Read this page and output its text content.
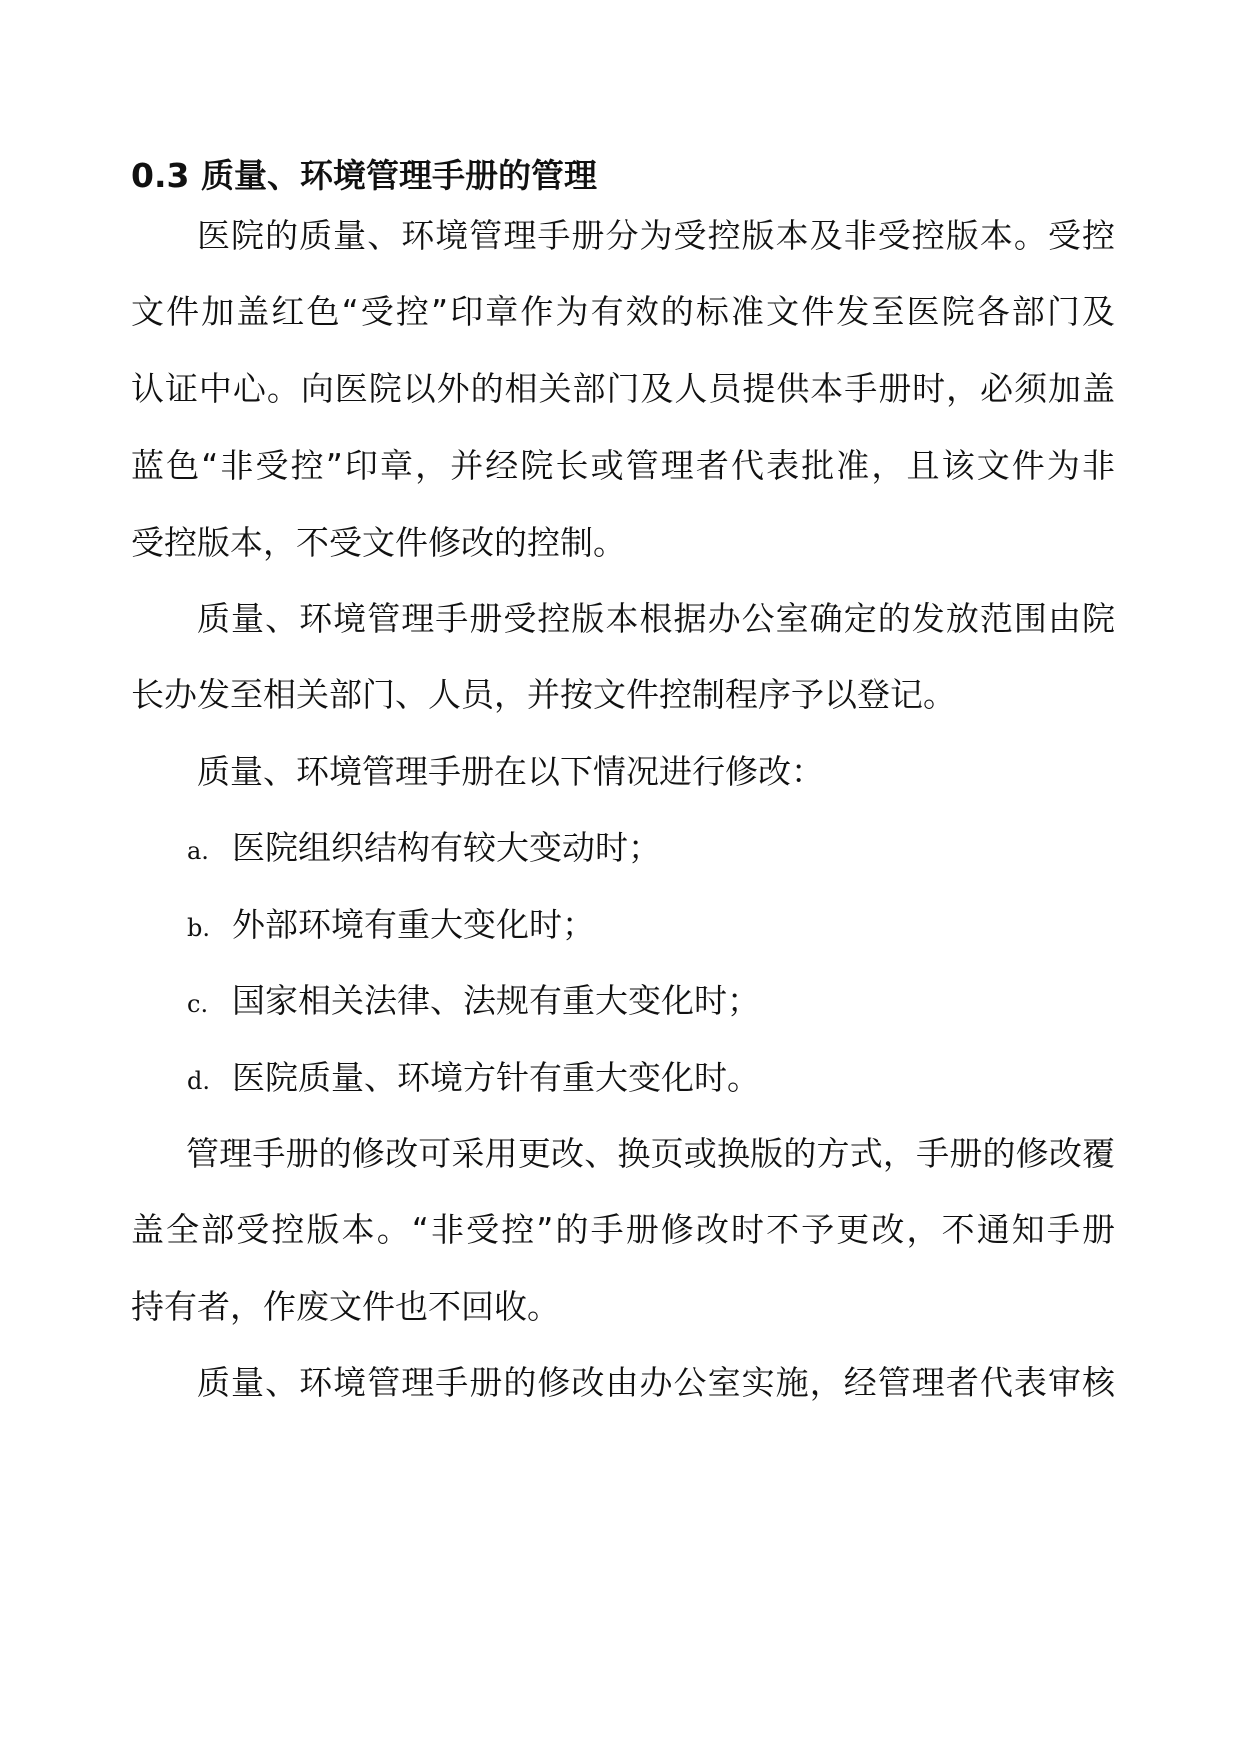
0.3 质量、环境管理手册的管理

医院的质量、环境管理手册分为受控版本及非受控版本。受控

文件加盖红色“受控”印章作为有效的标准文件发至医院各部门及

认证中心。向医院以外的相关部门及人员提供本手册时，必须加盖

蓝色“非受控”印章，并经院长或管理者代表批准，且该文件为非

受控版本，不受文件修改的控制。

质量、环境管理手册受控版本根据办公室确定的发放范围由院

长办发至相关部门、人员，并按文件控制程序予以登记。

质量、环境管理手册在以下情况进行修改：

a. 医院组织结构有较大变动时；
b. 外部环境有重大变化时；
c. 国家相关法律、法规有重大变化时；
d. 医院质量、环境方针有重大变化时。

管理手册的修改可采用更改、换页或换版的方式，手册的修改覆

盖全部受控版本。“非受控”的手册修改时不予更改，不通知手册

持有者，作废文件也不回收。

质量、环境管理手册的修改由办公室实施，经管理者代表审核
